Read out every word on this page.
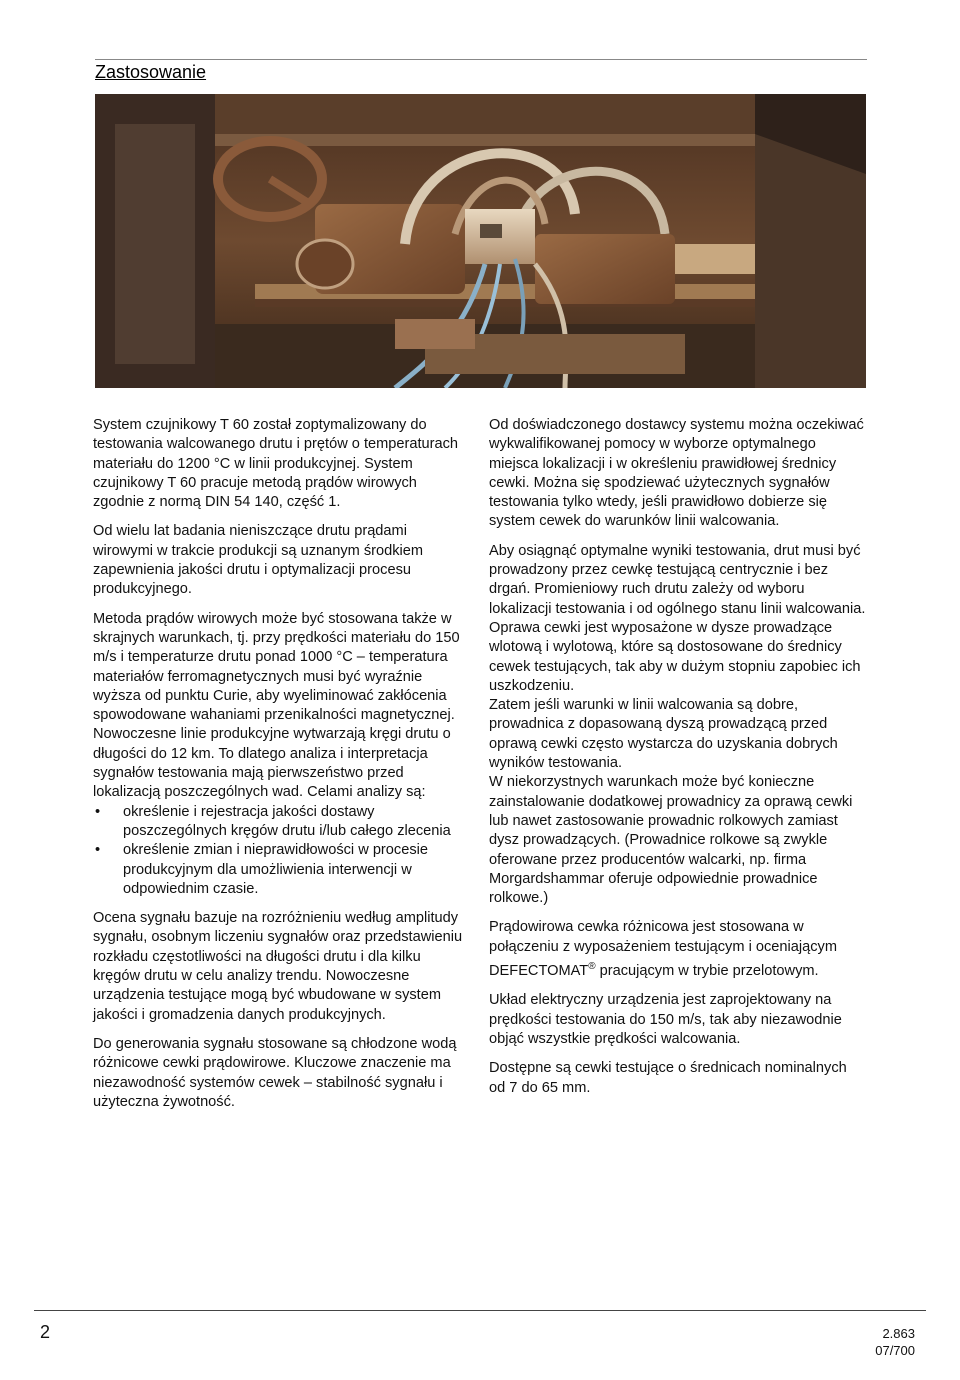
Zastosowanie

System czujnikowy T 60 został zoptymalizowany do testowania walcowanego drutu i prętów o temperaturach materiału do 1200 °C w linii produkcyjnej. System czujnikowy T 60 pracuje metodą prądów wirowych zgodnie z normą DIN 54 140, część 1.

Od wielu lat badania nieniszczące drutu prądami wirowymi w trakcie produkcji są uznanym środkiem zapewnienia jakości drutu i optymalizacji procesu produkcyjnego.

Metoda prądów wirowych może być stosowana także w skrajnych warunkach, tj. przy prędkości materiału do 150 m/s i temperaturze drutu ponad 1000 °C – temperatura materiałów ferromagnetycznych musi być wyraźnie wyższa od punktu Curie, aby wyeliminować zakłócenia spowodowane wahaniami przenikalności magnetycznej.

Nowoczesne linie produkcyjne wytwarzają kręgi drutu o długości do 12 km. To dlatego analiza i interpretacja sygnałów testowania mają pierwszeństwo przed lokalizacją poszczególnych wad. Celami analizy są:

• określenie i rejestracja jakości dostawy poszczególnych kręgów drutu i/lub całego zlecenia
• określenie zmian i nieprawidłowości w procesie produkcyjnym dla umożliwienia interwencji w odpowiednim czasie.

Ocena sygnału bazuje na rozróżnieniu według amplitudy sygnału, osobnym liczeniu sygnałów oraz przedstawieniu rozkładu częstotliwości na długości drutu i dla kilku kręgów drutu w celu analizy trendu. Nowoczesne urządzenia testujące mogą być wbudowane w system jakości i gromadzenia danych produkcyjnych.

Do generowania sygnału stosowane są chłodzone wodą różnicowe cewki prądowirowe. Kluczowe znaczenie ma niezawodność systemów cewek – stabilność sygnału i użyteczna żywotność.

Od doświadczonego dostawcy systemu można oczekiwać wykwalifikowanej pomocy w wyborze optymalnego miejsca lokalizacji i w określeniu prawidłowej średnicy cewki. Można się spodziewać użytecznych sygnałów testowania tylko wtedy, jeśli prawidłowo dobierze się system cewek do warunków linii walcowania.

Aby osiągnąć optymalne wyniki testowania, drut musi być prowadzony przez cewkę testującą centrycznie i bez drgań. Promieniowy ruch drutu zależy od wyboru lokalizacji testowania i od ogólnego stanu linii walcowania. Oprawa cewki jest wyposażone w dysze prowadzące wlotową i wylotową, które są dostosowane do średnicy cewek testujących, tak aby w dużym stopniu zapobiec ich uszkodzeniu.

Zatem jeśli warunki w linii walcowania są dobre, prowadnica z dopasowaną dyszą prowadzącą przed oprawą cewki często wystarcza do uzyskania dobrych wyników testowania.

W niekorzystnych warunkach może być konieczne zainstalowanie dodatkowej prowadnicy za oprawą cewki lub nawet zastosowanie prowadnic rolkowych zamiast dysz prowadzących. (Prowadnice rolkowe są zwykle oferowane przez producentów walcarki, np. firma Morgardshammar oferuje odpowiednie prowadnice rolkowe.)

Prądowirowa cewka różnicowa jest stosowana w połączeniu z wyposażeniem testującym i oceniającym DEFECTOMAT® pracującym w trybie przelotowym.

Układ elektryczny urządzenia jest zaprojektowany na prędkości testowania do 150 m/s, tak aby niezawodnie objąć wszystkie prędkości walcowania.

Dostępne są cewki testujące o średnicach nominalnych od 7 do 65 mm.

2	2.863
07/700
